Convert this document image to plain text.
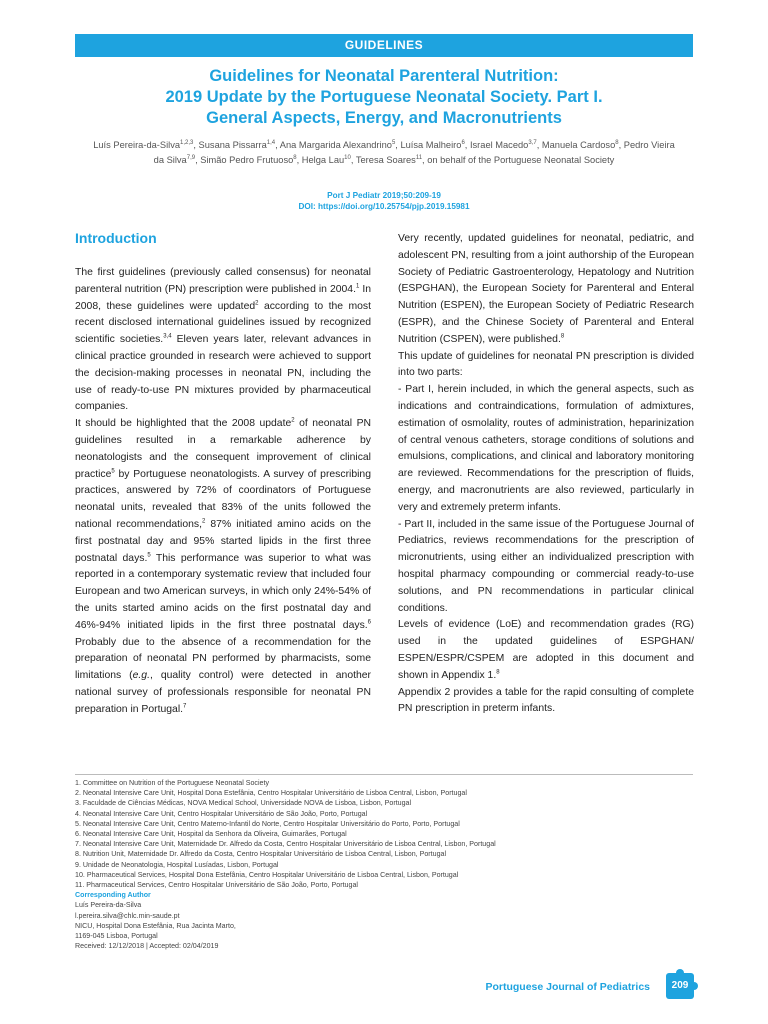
GUIDELINES
Guidelines for Neonatal Parenteral Nutrition:
2019 Update by the Portuguese Neonatal Society. Part I.
General Aspects, Energy, and Macronutrients
Luís Pereira-da-Silva$^{1,2,3}$, Susana Pissarra$^{1,4}$, Ana Margarida Alexandrino$^5$, Luísa Malheiro$^6$, Israel Macedo$^{3,7}$, Manuela Cardoso$^8$, Pedro Vieira da Silva$^{7,9}$, Simão Pedro Frutuoso$^8$, Helga Lau$^{10}$, Teresa Soares$^{11}$, on behalf of the Portuguese Neonatal Society
Port J Pediatr 2019;50:209-19
DOI: https://doi.org/10.25754/pjp.2019.15981

Introduction

The first guidelines (previously called consensus) for neonatal parenteral nutrition (PN) prescription were published in 2004.$^1$ In 2008, these guidelines were updated$^2$ according to the most recent disclosed international guidelines issued by recognized scientific societies.$^{3,4}$ Eleven years later, relevant advances in clinical practice grounded in research were achieved to support the decision-making processes in neonatal PN, including the use of ready-to-use PN mixtures provided by pharmaceutical companies.

It should be highlighted that the 2008 update$^2$ of neonatal PN guidelines resulted in a remarkable adherence by neonatologists and the consequent improvement of clinical practice$^5$ by Portuguese neonatologists. A survey of prescribing practices, answered by 72% of coordinators of Portuguese neonatal units, revealed that 83% of the units followed the national recommendations,$^2$ 87% initiated amino acids on the first postnatal day and 95% started lipids in the first three postnatal days.$^5$ This performance was superior to what was reported in a contemporary systematic review that included four European and two American surveys, in which only 24%-54% of the units started amino acids on the first postnatal day and 46%-94% initiated lipids in the first three postnatal days.$^6$ Probably due to the absence of a recommendation for the preparation of neonatal PN performed by pharmacists, some limitations (e.g., quality control) were detected in another national survey of professionals responsible for neonatal PN preparation in Portugal.$^7$

Very recently, updated guidelines for neonatal, pediatric, and adolescent PN, resulting from a joint authorship of the European Society of Pediatric Gastroenterology, Hepatology and Nutrition (ESPGHAN), the European Society for Parenteral and Enteral Nutrition (ESPEN), the European Society of Pediatric Research (ESPR), and the Chinese Society of Parenteral and Enteral Nutrition (CSPEN), were published.$^8$

This update of guidelines for neonatal PN prescription is divided into two parts:

- Part I, herein included, in which the general aspects, such as indications and contraindications, formulation of admixtures, estimation of osmolality, routes of administration, heparinization of central venous catheters, storage conditions of solutions and emulsions, complications, and clinical and laboratory monitoring are reviewed. Recommendations for the prescription of fluids, energy, and macronutrients are also reviewed, particularly in very and extremely preterm infants.

- Part II, included in the same issue of the Portuguese Journal of Pediatrics, reviews recommendations for the prescription of micronutrients, using either an individualized prescription with hospital pharmacy compounding or commercial ready-to-use solutions, and PN recommendations in particular clinical conditions.

Levels of evidence (LoE) and recommendation grades (RG) used in the updated guidelines of ESPGHAN/ ESPEN/ESPR/CSPEM are adopted in this document and shown in Appendix 1.$^8$

Appendix 2 provides a table for the rapid consulting of complete PN prescription in preterm infants.

1. Committee on Nutrition of the Portuguese Neonatal Society
2. Neonatal Intensive Care Unit, Hospital Dona Estefânia, Centro Hospitalar Universitário de Lisboa Central, Lisbon, Portugal
3. Faculdade de Ciências Médicas, NOVA Medical School, Universidade NOVA de Lisboa, Lisbon, Portugal
4. Neonatal Intensive Care Unit, Centro Hospitalar Universitário de São João, Porto, Portugal
5. Neonatal Intensive Care Unit, Centro Materno-Infantil do Norte, Centro Hospitalar Universitário do Porto, Porto, Portugal
6. Neonatal Intensive Care Unit, Hospital da Senhora da Oliveira, Guimarães, Portugal
7. Neonatal Intensive Care Unit, Maternidade Dr. Alfredo da Costa, Centro Hospitalar Universitário de Lisboa Central, Lisbon, Portugal
8. Nutrition Unit, Maternidade Dr. Alfredo da Costa, Centro Hospitalar Universitário de Lisboa Central, Lisbon, Portugal
9. Unidade de Neonatologia, Hospital Lusíadas, Lisbon, Portugal
10. Pharmaceutical Services, Hospital Dona Estefânia, Centro Hospitalar Universitário de Lisboa Central, Lisbon, Portugal
11. Pharmaceutical Services, Centro Hospitalar Universitário de São João, Porto, Portugal
Corresponding Author
Luís Pereira-da-Silva
l.pereira.silva@chlc.min-saude.pt
NICU, Hospital Dona Estefânia, Rua Jacinta Marto,
1169-045 Lisboa, Portugal
Received: 12/12/2018 | Accepted: 02/04/2019
Portuguese Journal of Pediatrics	209
